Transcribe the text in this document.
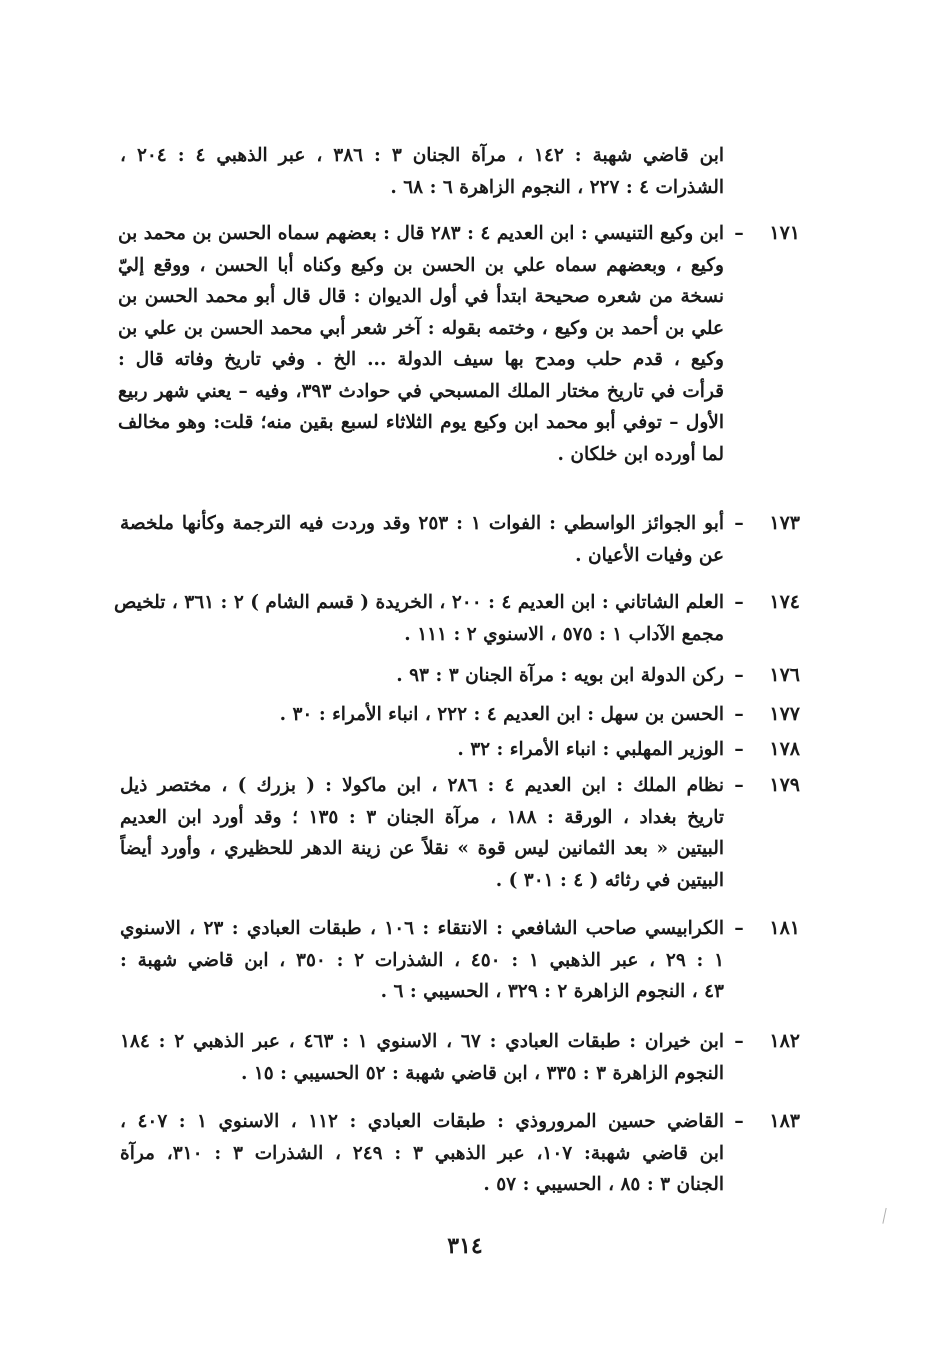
ابن قاضي شهبة : ١٤٢ ، مرآة الجنان ٣ : ٣٨٦ ، عبر الذهبي ٤ : ٢٠٤ ،
الشذرات ٤ : ٢٢٧ ، النجوم الزاهرة ٦ : ٦٨ .
١٧١
–
ابن وكيع التنيسي : ابن العديم ٤ : ٢٨٣ قال : بعضهم سماه الحسن بن محمد بن
وكيع ، وبعضهم سماه علي بن الحسن بن وكيع وكناه أبا الحسن ، ووقع إليّ
نسخة من شعره صحيحة ابتدأ في أول الديوان : قال قال أبو محمد الحسن بن
علي بن أحمد بن وكيع ، وختمه بقوله : آخر شعر أبي محمد الحسن بن علي بن
وكيع ، قدم حلب ومدح بها سيف الدولة ... الخ . وفي تاريخ وفاته قال :
قرأت في تاريخ مختار الملك المسبحي في حوادث ٣٩٣، وفيه – يعني شهر ربيع
الأول – توفي أبو محمد ابن وكيع يوم الثلاثاء لسبع بقين منه؛ قلت: وهو مخالف
لما أورده ابن خلكان .
١٧٣
–
أبو الجوائز الواسطي : الفوات ١ : ٢٥٣ وقد وردت فيه الترجمة وكأنها ملخصة
عن وفيات الأعيان .
١٧٤
–
العلم الشاتاني : ابن العديم ٤ : ٢٠٠ ، الخريدة ( قسم الشام ) ٢ : ٣٦١ ، تلخيص
مجمع الآداب ١ : ٥٧٥ ، الاسنوي ٢ : ١١١ .
١٧٦
–
ركن الدولة ابن بويه : مرآة الجنان ٣ : ٩٣ .
١٧٧
–
الحسن بن سهل : ابن العديم ٤ : ٢٢٢ ، انباء الأمراء : ٣٠ .
١٧٨
–
الوزير المهلبي : انباء الأمراء : ٣٢ .
١٧٩
–
نظام الملك : ابن العديم ٤ : ٢٨٦ ، ابن ماكولا : ( بزرك ) ، مختصر ذيل
تاريخ بغداد ، الورقة : ١٨٨ ، مرآة الجنان ٣ : ١٣٥ ؛ وقد أورد ابن العديم
البيتين « بعد الثمانين ليس قوة » نقلاً عن زينة الدهر للحظيري ، وأورد أيضاً
البيتين في رثائه ( ٤ : ٣٠١ ) .
١٨١
–
الكرابيسي صاحب الشافعي : الانتقاء : ١٠٦ ، طبقات العبادي : ٢٣ ، الاسنوي
١ : ٢٩ ، عبر الذهبي ١ : ٤٥٠ ، الشذرات ٢ : ٣٥٠ ، ابن قاضي شهبة :
٤٣ ، النجوم الزاهرة ٢ : ٣٢٩ ، الحسيبي : ٦ .
١٨٢
–
ابن خيران : طبقات العبادي : ٦٧ ، الاسنوي ١ : ٤٦٣ ، عبر الذهبي ٢ : ١٨٤
النجوم الزاهرة ٣ : ٣٣٥ ، ابن قاضي شهبة : ٥٢ الحسيبي : ١٥ .
١٨٣
–
القاضي حسين المروروذي : طبقات العبادي : ١١٢ ، الاسنوي ١ : ٤٠٧ ،
ابن قاضي شهبة: ١٠٧، عبر الذهبي ٣ : ٢٤٩ ، الشذرات ٣ : ٣١٠، مرآة
الجنان ٣ : ٨٥ ، الحسيبي : ٥٧ .
٣١٤
